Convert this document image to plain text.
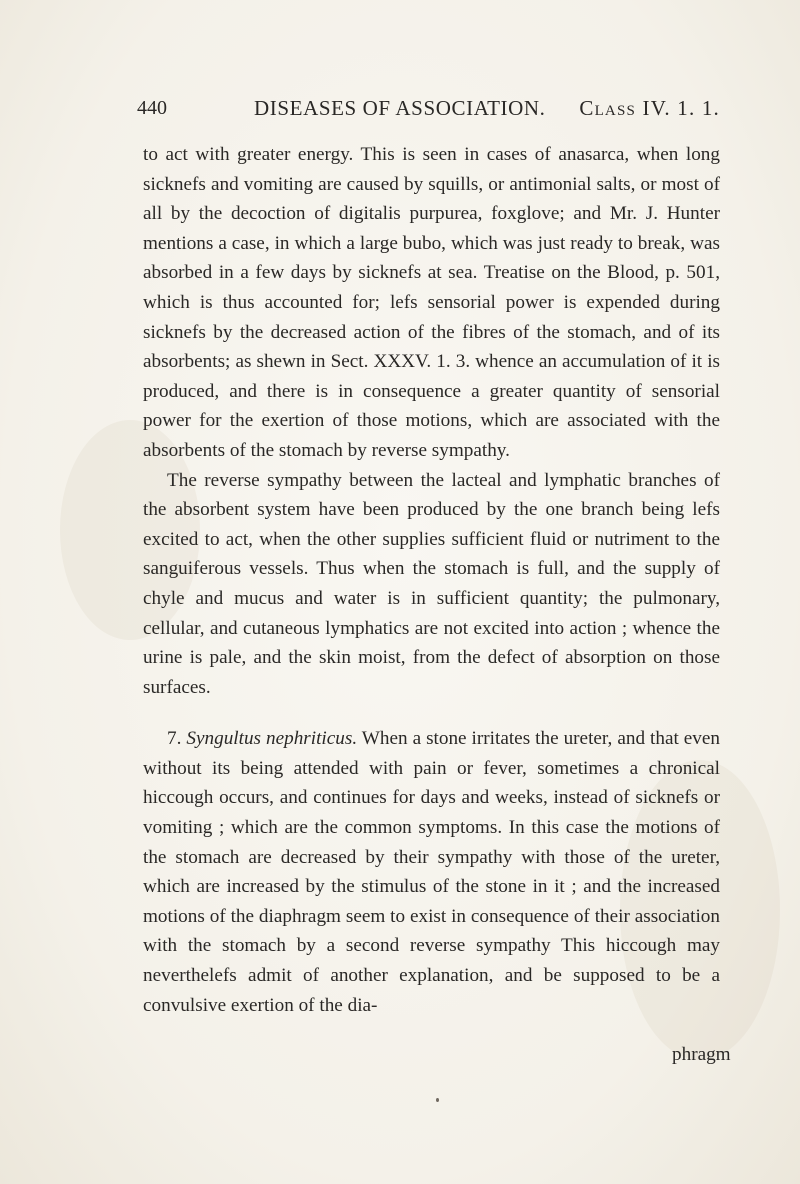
440	DISEASES OF ASSOCIATION. Class IV. 1. 1.

to act with greater energy. This is seen in cases of anasarca, when long sicknefs and vomiting are caused by squills, or antimonial salts, or most of all by the decoction of digitalis purpurea, foxglove; and Mr. J. Hunter mentions a case, in which a large bubo, which was just ready to break, was absorbed in a few days by sicknefs at sea. Treatise on the Blood, p. 501, which is thus accounted for; lefs sensorial power is expended during sicknefs by the decreased action of the fibres of the stomach, and of its absorbents; as shewn in Sect. XXXV. 1. 3. whence an accumulation of it is produced, and there is in consequence a greater quantity of sensorial power for the exertion of those motions, which are associated with the absorbents of the stomach by reverse sympathy.

The reverse sympathy between the lacteal and lymphatic branches of the absorbent system have been produced by the one branch being lefs excited to act, when the other supplies sufficient fluid or nutriment to the sanguiferous vessels. Thus when the stomach is full, and the supply of chyle and mucus and water is in sufficient quantity; the pulmonary, cellular, and cutaneous lymphatics are not excited into action ; whence the urine is pale, and the skin moist, from the defect of absorption on those surfaces.

7. Syngultus nephriticus. When a stone irritates the ureter, and that even without its being attended with pain or fever, sometimes a chronical hiccough occurs, and continues for days and weeks, instead of sicknefs or vomiting ; which are the common symptoms. In this case the motions of the stomach are decreased by their sympathy with those of the ureter, which are increased by the stimulus of the stone in it ; and the increased motions of the diaphragm seem to exist in consequence of their association with the stomach by a second reverse sympathy This hiccough may neverthelefs admit of another explanation, and be supposed to be a convulsive exertion of the dia-

phragm
